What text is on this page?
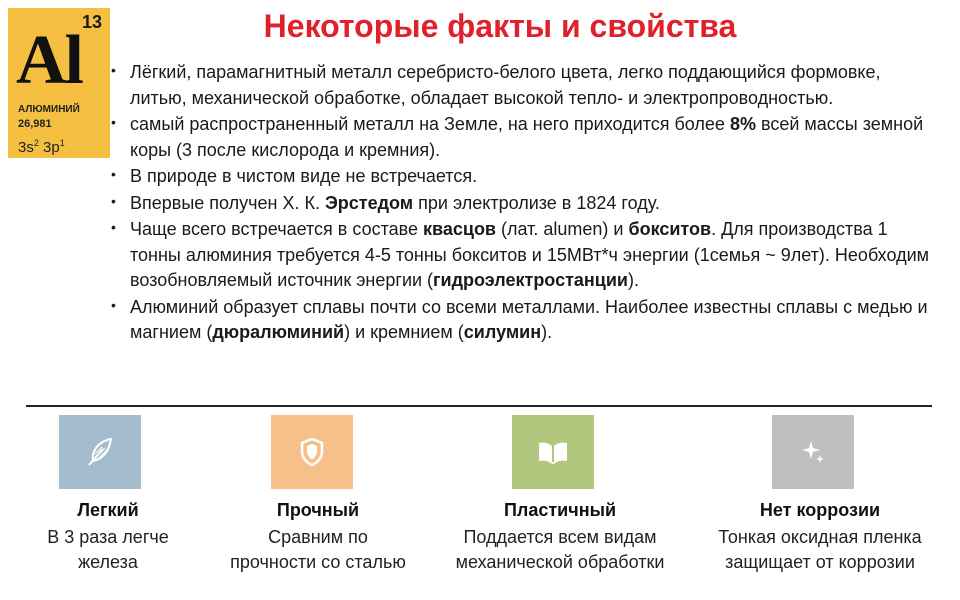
13
Al
АЛЮМИНИЙ
26,981
$3s^2$ $3p^1$
Некоторые факты и свойства
• Лёгкий, парамагнитный металл серебристо-белого цвета, легко поддающийся формовке, литью, механической обработке, обладает высокой тепло- и электропроводностью.
• самый распространенный металл на Земле, на него приходится более 8% всей массы земной коры (3 после кислорода и кремния).
• В природе в чистом виде не встречается.
• Впервые получен Х. К. Эрстедом при электролизе в 1824 году.
• Чаще всего встречается в составе квасцов (лат. alumen) и бокситов. Для производства 1 тонны алюминия требуется 4-5 тонны бокситов и 15МВт*ч энергии (1семья ~ 9лет). Необходим возобновляемый источник энергии (гидроэлектростанции).
• Алюминий образует сплавы почти со всеми металлами. Наиболее известны сплавы с медью и магнием (дюралюминий) и кремнием (силумин).
Легкий
В 3 раза легче железа
Прочный
Сравним по прочности со сталью
Пластичный
Поддается всем видам механической обработки
Нет коррозии
Тонкая оксидная пленка защищает от коррозии
